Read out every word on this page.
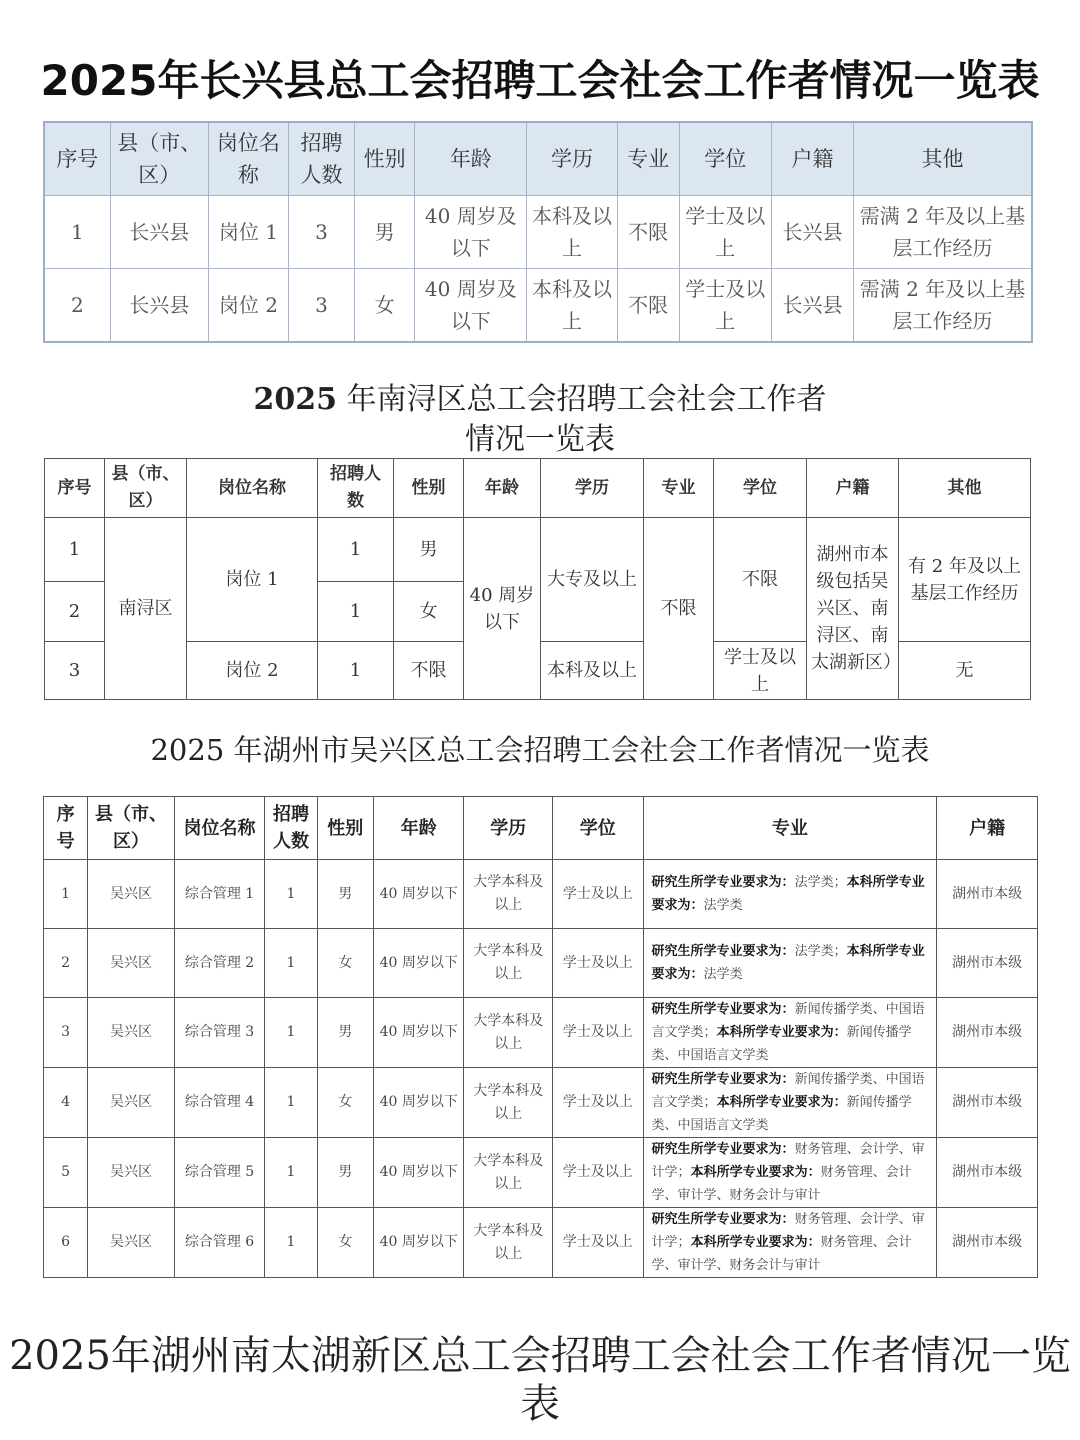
2025年长兴县总工会招聘工会社会工作者情况一览表
序号	县（市、区）	岗位名称	招聘人数	性别	年龄	学历	专业	学位	户籍	其他
1	长兴县	岗位 1	3	男	40 周岁及以下	本科及以上	不限	学士及以上	长兴县	需满 2 年及以上基层工作经历
2	长兴县	岗位 2	3	女	40 周岁及以下	本科及以上	不限	学士及以上	长兴县	需满 2 年及以上基层工作经历
2025 年南浔区总工会招聘工会社会工作者
情况一览表
序号	县（市、区）	岗位名称	招聘人数	性别	年龄	学历	专业	学位	户籍	其他
1	南浔区	岗位 1	1	男	40 周岁以下	大专及以上	不限	不限	湖州市本级包括吴兴区、南浔区、南太湖新区）	有 2 年及以上基层工作经历
2			1	女						
3		岗位 2	1	不限		本科及以上		学士及以上		无
2025 年湖州市吴兴区总工会招聘工会社会工作者情况一览表
序号	县（市、区）	岗位名称	招聘人数	性别	年龄	学历	学位	专业	户籍
1	吴兴区	综合管理 1	1	男	40 周岁以下	大学本科及以上	学士及以上	研究生所学专业要求为：法学类；本科所学专业要求为：法学类	湖州市本级
2	吴兴区	综合管理 2	1	女	40 周岁以下	大学本科及以上	学士及以上	研究生所学专业要求为：法学类；本科所学专业要求为：法学类	湖州市本级
3	吴兴区	综合管理 3	1	男	40 周岁以下	大学本科及以上	学士及以上	研究生所学专业要求为：新闻传播学类、中国语言文学类；本科所学专业要求为：新闻传播学类、中国语言文学类	湖州市本级
4	吴兴区	综合管理 4	1	女	40 周岁以下	大学本科及以上	学士及以上	研究生所学专业要求为：新闻传播学类、中国语言文学类；本科所学专业要求为：新闻传播学类、中国语言文学类	湖州市本级
5	吴兴区	综合管理 5	1	男	40 周岁以下	大学本科及以上	学士及以上	研究生所学专业要求为：财务管理、会计学、审计学；本科所学专业要求为：财务管理、会计学、审计学、财务会计与审计	湖州市本级
6	吴兴区	综合管理 6	1	女	40 周岁以下	大学本科及以上	学士及以上	研究生所学专业要求为：财务管理、会计学、审计学；本科所学专业要求为：财务管理、会计学、审计学、财务会计与审计	湖州市本级
2025年湖州南太湖新区总工会招聘工会社会工作者情况一览表
